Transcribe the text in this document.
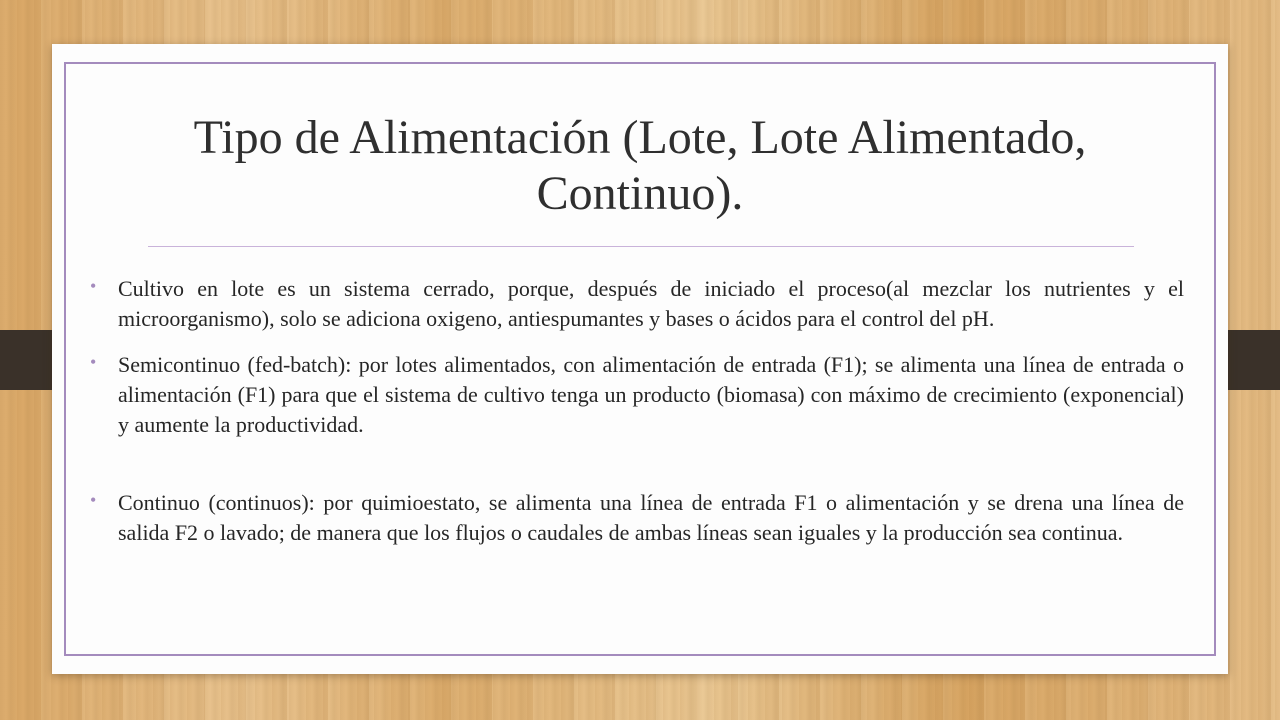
Tipo de Alimentación (Lote, Lote Alimentado, Continuo).
• Cultivo en lote es un sistema cerrado, porque, después de iniciado el proceso(al mezclar los nutrientes y el microorganismo), solo se adiciona oxigeno, antiespumantes y bases o ácidos para el control del pH.
• Semicontinuo (fed-batch): por lotes alimentados, con alimentación de entrada (F1); se alimenta una línea de entrada o alimentación (F1) para que el sistema de cultivo tenga un producto (biomasa) con máximo de crecimiento (exponencial) y aumente la productividad.
• Continuo (continuos): por quimioestato, se alimenta una línea de entrada F1 o alimentación y se drena una línea de salida F2 o lavado; de manera que los flujos o caudales de ambas líneas sean iguales y la producción sea continua.
